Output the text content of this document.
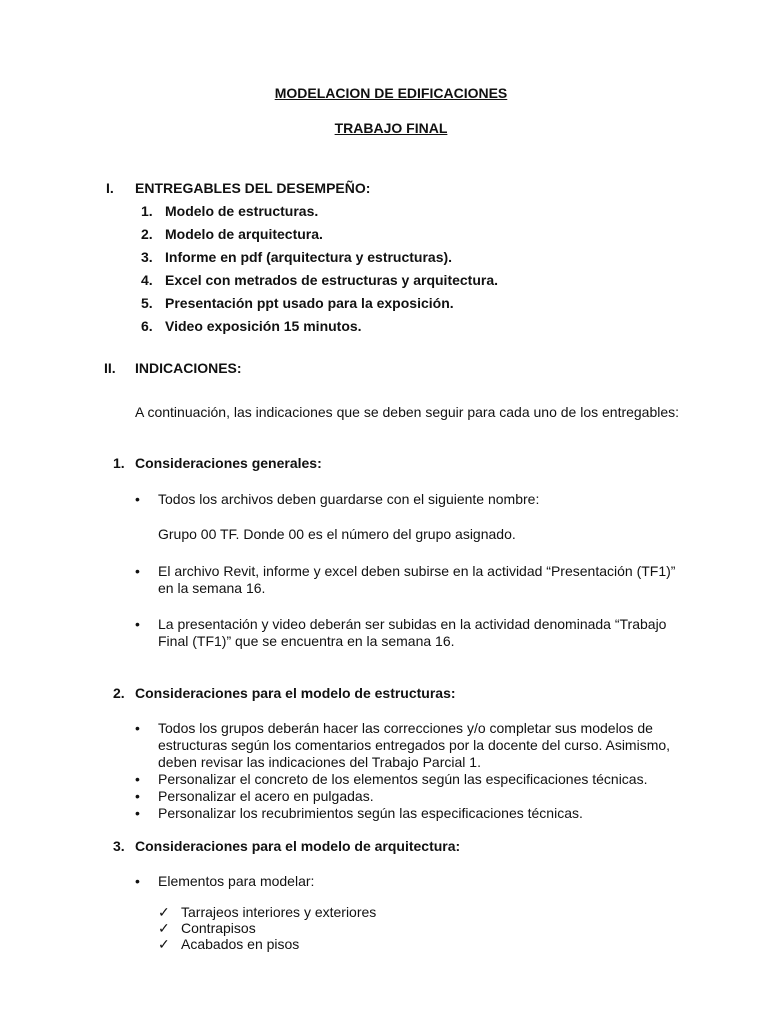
MODELACION DE EDIFICACIONES
TRABAJO FINAL
I. ENTREGABLES DEL DESEMPEÑO:
1. Modelo de estructuras.
2. Modelo de arquitectura.
3. Informe en pdf (arquitectura y estructuras).
4. Excel con metrados de estructuras y arquitectura.
5. Presentación ppt usado para la exposición.
6. Video exposición 15 minutos.
II. INDICACIONES:
A continuación, las indicaciones que se deben seguir para cada uno de los entregables:
1. Consideraciones generales:
• Todos los archivos deben guardarse con el siguiente nombre:
Grupo 00 TF. Donde 00 es el número del grupo asignado.
• El archivo Revit, informe y excel deben subirse en la actividad “Presentación (TF1)”
en la semana 16.
• La presentación y video deberán ser subidas en la actividad denominada “Trabajo
Final (TF1)” que se encuentra en la semana 16.
2. Consideraciones para el modelo de estructuras:
• Todos los grupos deberán hacer las correcciones y/o completar sus modelos de
estructuras según los comentarios entregados por la docente del curso. Asimismo,
deben revisar las indicaciones del Trabajo Parcial 1.
• Personalizar el concreto de los elementos según las especificaciones técnicas.
• Personalizar el acero en pulgadas.
• Personalizar los recubrimientos según las especificaciones técnicas.
3. Consideraciones para el modelo de arquitectura:
• Elementos para modelar:
✓ Tarrajeos interiores y exteriores
✓ Contrapisos
✓ Acabados en pisos
